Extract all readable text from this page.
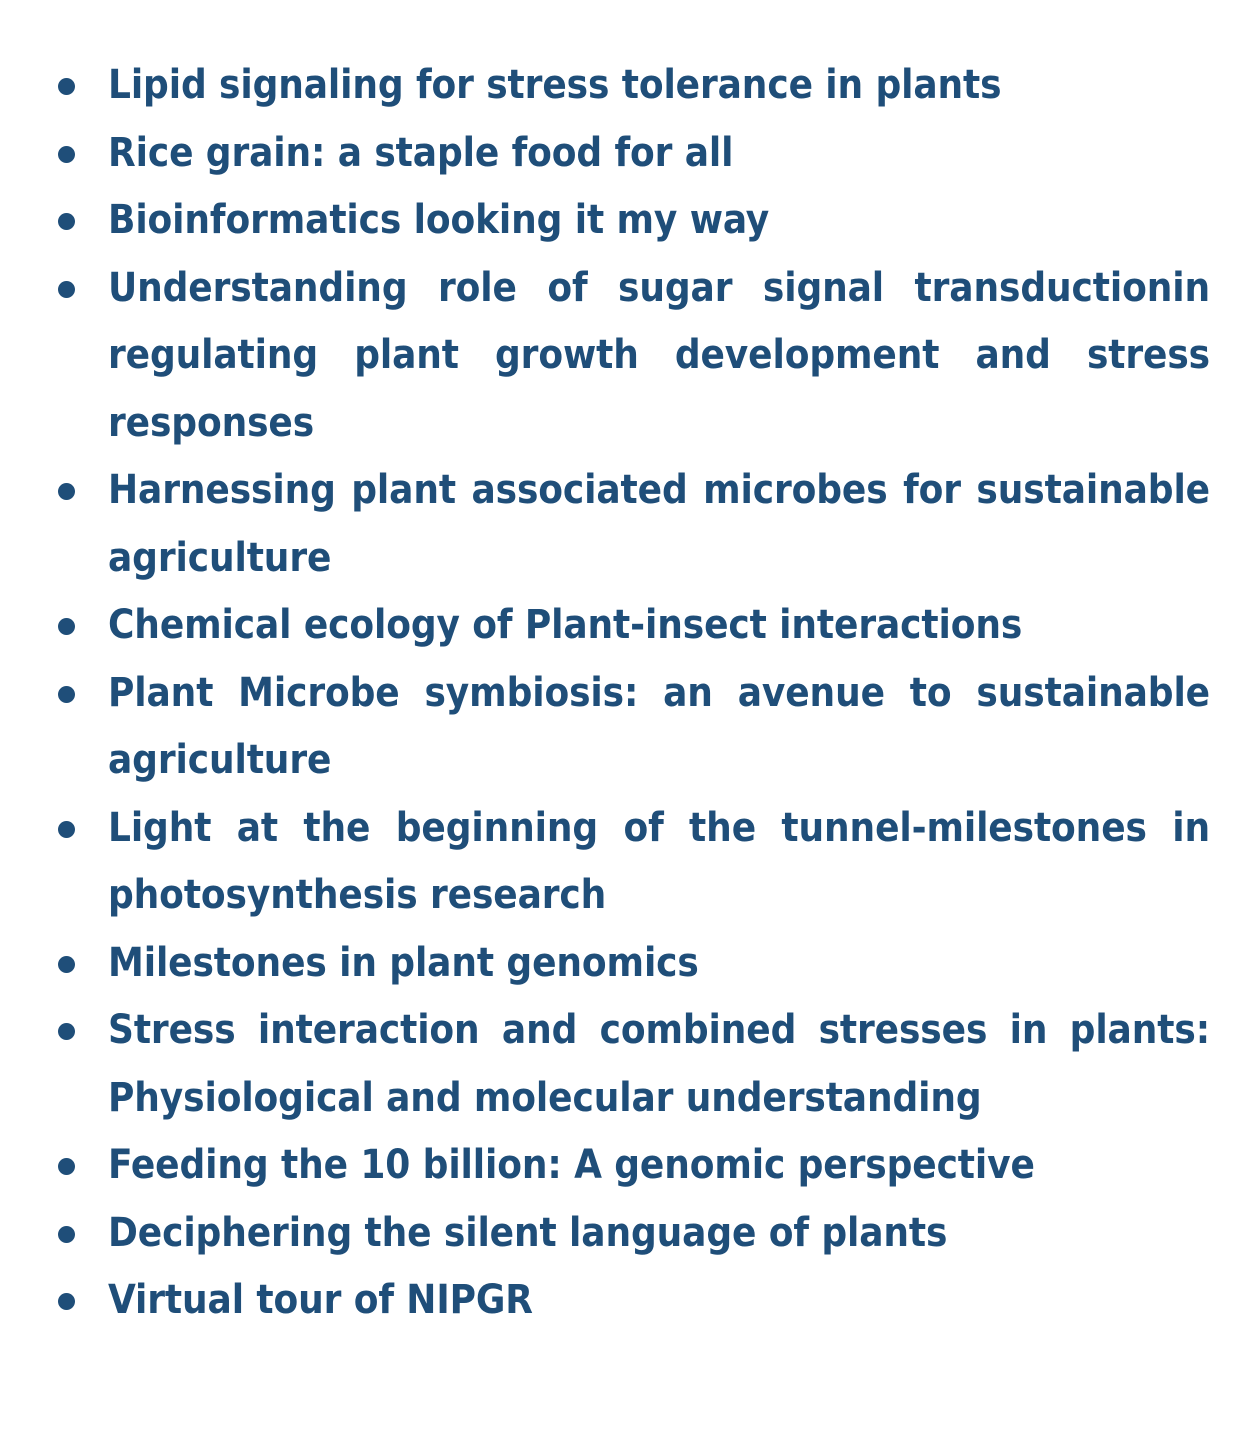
Lipid signaling for stress tolerance in plants
Rice grain: a staple food for all
Bioinformatics looking it my way
Understanding role of sugar signal transductionin regulating plant growth development and stress responses
Harnessing plant associated microbes for sustainable agriculture
Chemical ecology of Plant-insect interactions
Plant Microbe symbiosis: an avenue to sustainable agriculture
Light at the beginning of the tunnel-milestones in photosynthesis research
Milestones in plant genomics
Stress interaction and combined stresses in plants: Physiological and molecular understanding
Feeding the 10 billion: A genomic perspective
Deciphering the silent language of plants
Virtual tour of NIPGR
